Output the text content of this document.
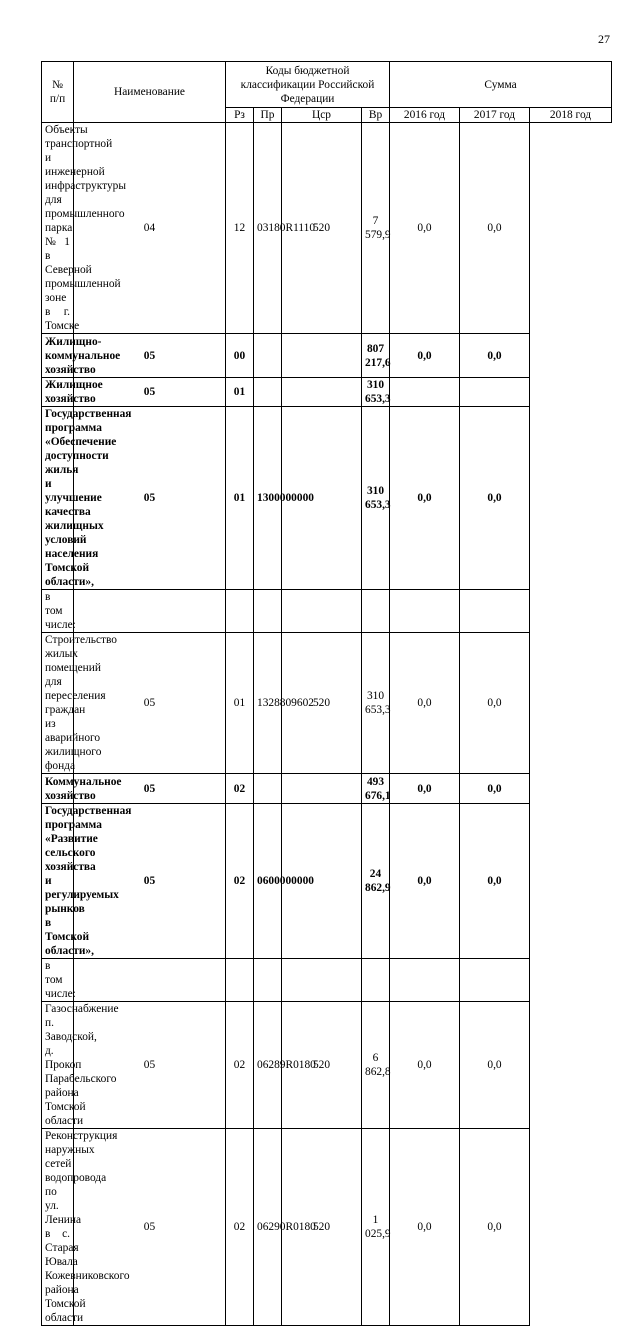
27
№
п/п	Наименование	Коды бюджетной классификации Российской Федерации				Сумма		
		Рз	Пр	Цср	Вр	2016 год	2017 год	2018 год
Объекты транспортной и инженерной инфраструктуры для промышленного парка № 1 в Северной промышленной зоне в г. Томске	04	12	03180R1110	520	7 579,9	0,0	0,0	
Жилищно-коммунальное хозяйство	05	00			807 217,6	0,0	0,0	
Жилищное хозяйство	05	01			310 653,3			
Государственная программа «Обеспечение доступности жилья и улучшение качества жилищных условий населения Томской области»,	05	01	1300000000		310 653,3	0,0	0,0	
в том числе:								
Строительство жилых помещений для переселения граждан из аварийного жилищного фонда	05	01	1328809602	520	310 653,3	0,0	0,0	
Коммунальное хозяйство	05	02			493 676,1	0,0	0,0	
Государственная программа «Развитие сельского хозяйства и регулируемых рынков в Томской области»,	05	02	0600000000		24 862,9	0,0	0,0	
в том числе:								
Газоснабжение п. Заводской, д. Прокоп Парабельского района Томской области	05	02	06289R0180	520	6 862,8	0,0	0,0	
Реконструкция наружных сетей водопровода по ул. Ленина в с. Старая Ювала Кожевниковского района Томской области	05	02	06290R0180	520	1 025,9	0,0	0,0	
